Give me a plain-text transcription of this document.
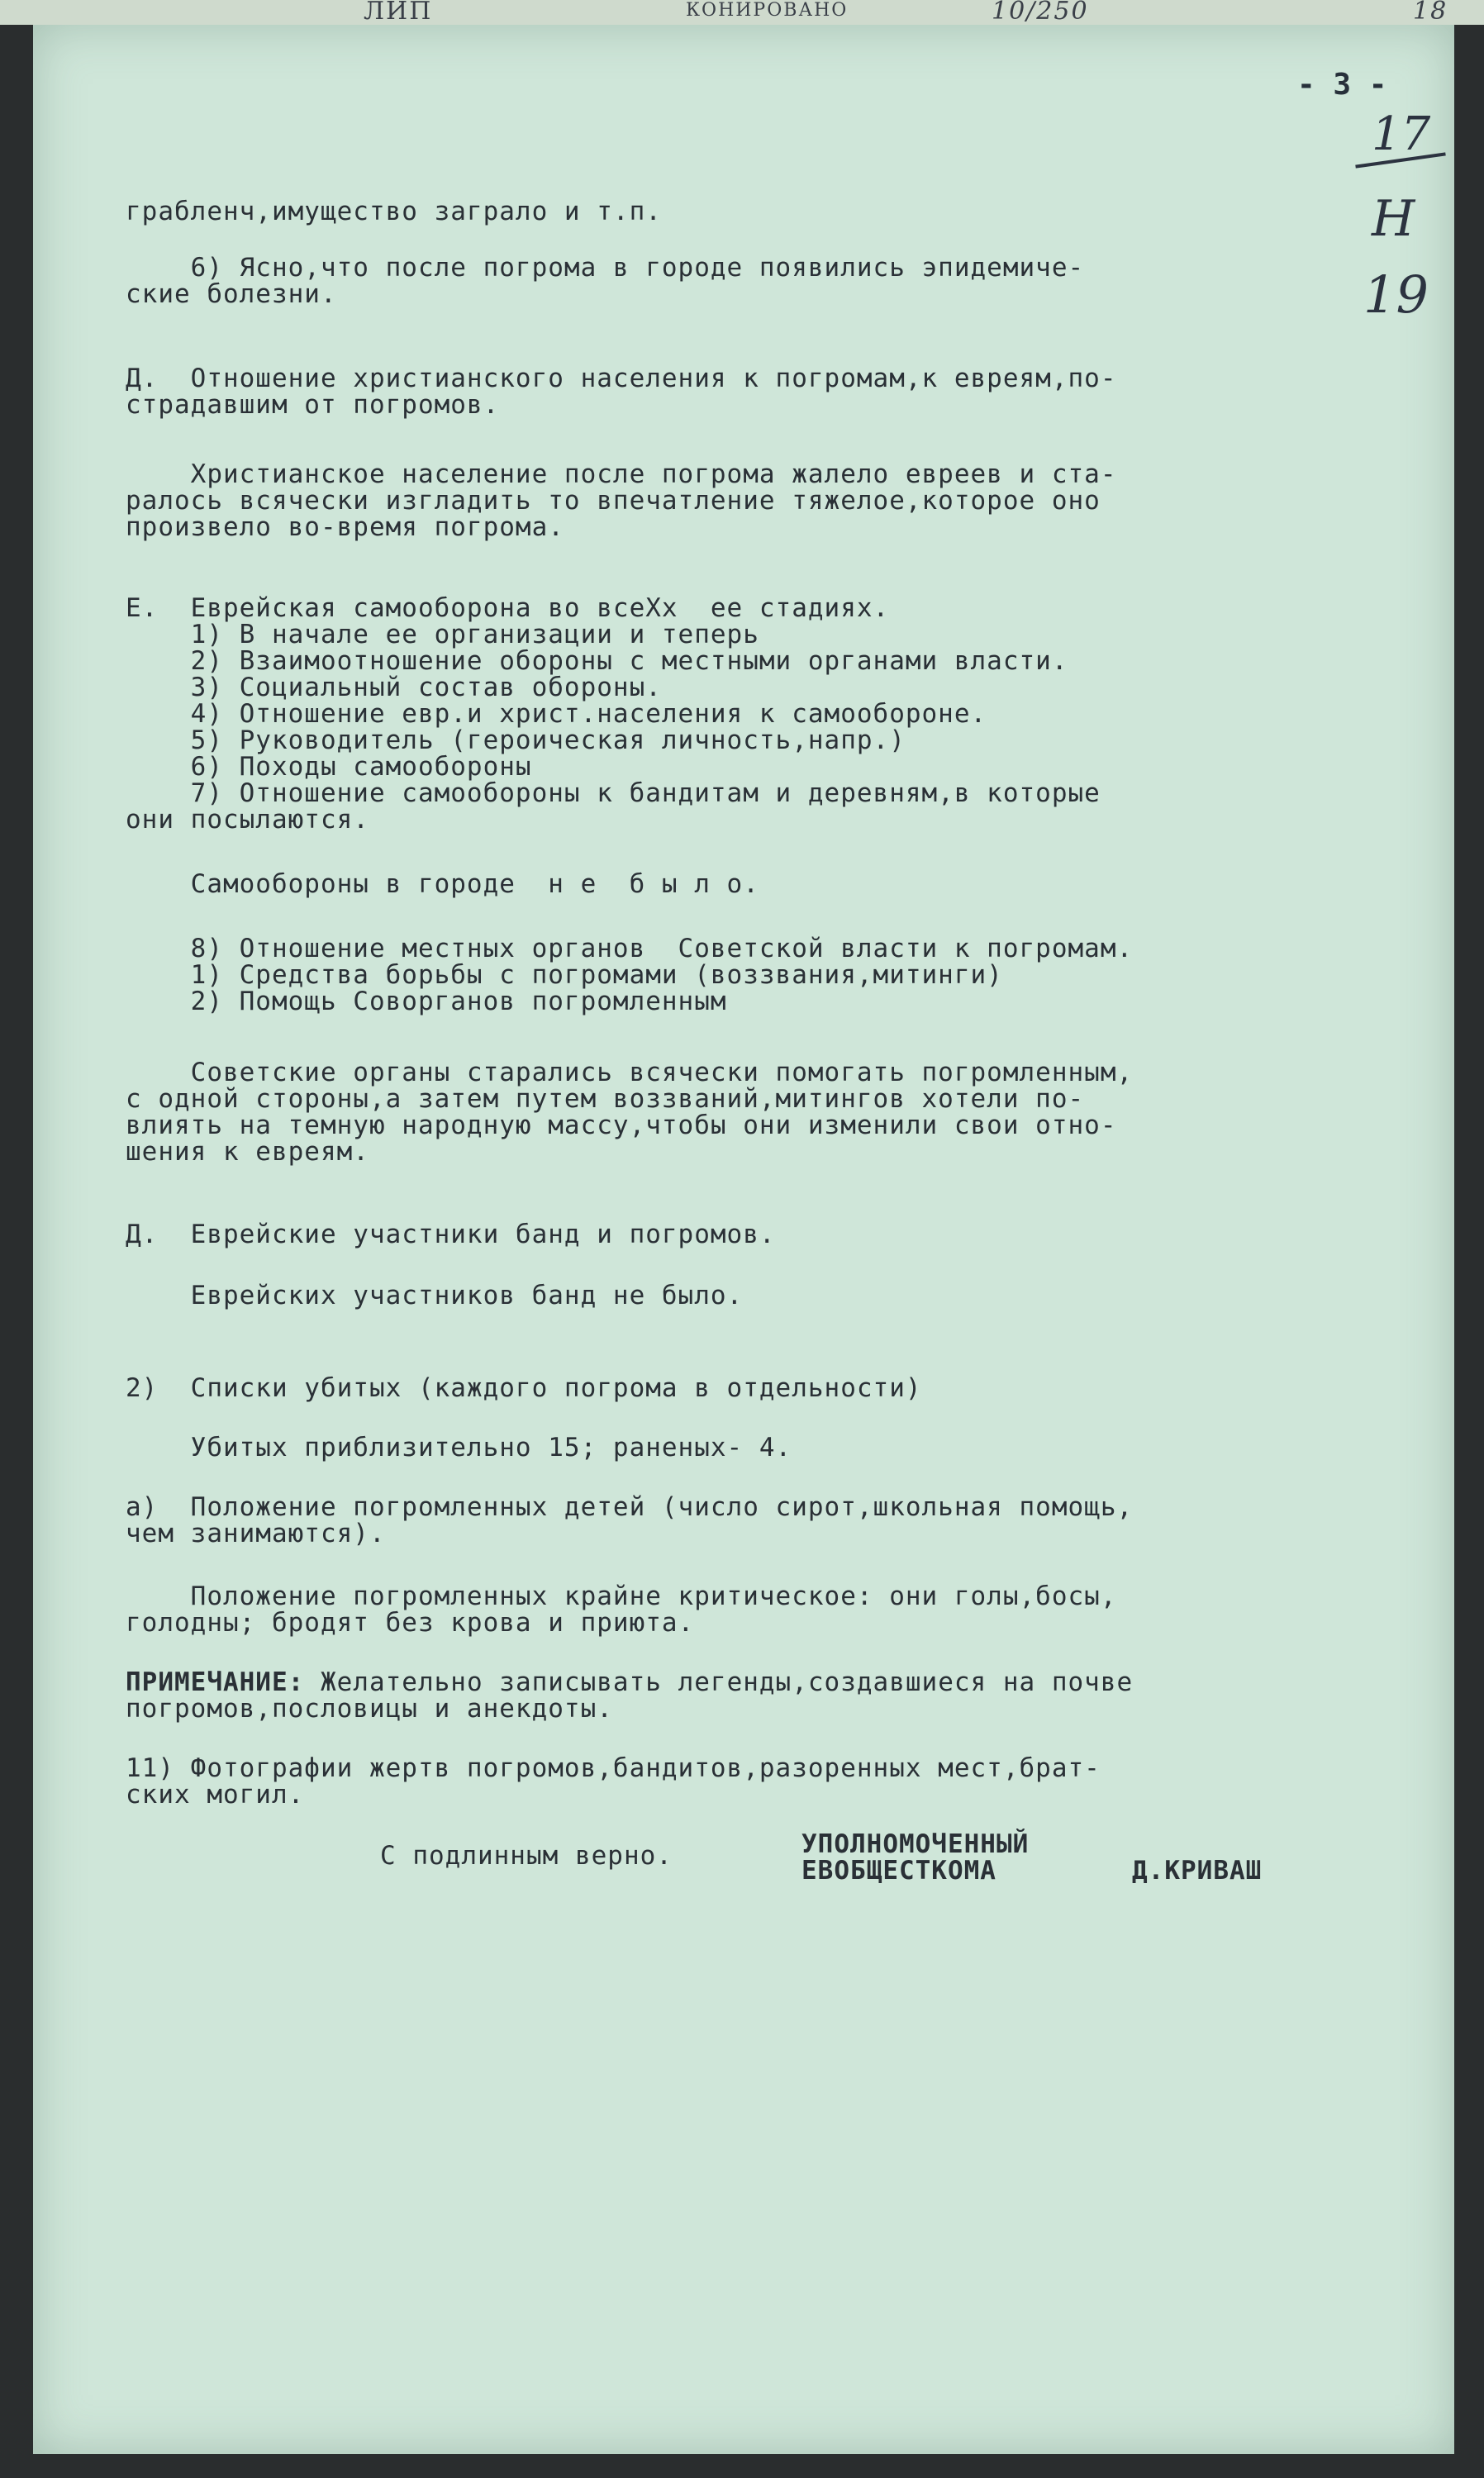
ЛИП	КОНИРОВАНО	10/250	18
- 3 -
17
Н
19
грабленч,имущество заграло и т.п.
6) Ясно,что после погрома в городе появились эпидемиче-
ские болезни.
Д.  Отношение христианского населения к погромам,к евреям,по-
страдавшим от погромов.
Христианское население после погрома жалело евреев и ста-
ралось всячески изгладить то впечатление тяжелое,которое оно
произвело во-время погрома.
Е.  Еврейская самооборона во всеХх  ее стадиях.
1) В начале ее организации и теперь
2) Взаимоотношение обороны с местными органами власти.
3) Социальный состав обороны.
4) Отношение евр.и христ.населения к самообороне.
5) Руководитель (героическая личность,напр.)
6) Походы самообороны
7) Отношение самообороны к бандитам и деревням,в которые
они посылаются.
Самообороны в городе  н е  б ы л о.
8) Отношение местных органов  Советской власти к погромам.
1) Средства борьбы с погромами (воззвания,митинги)
2) Помощь Соворганов погромленным
Советские органы старались всячески помогать погромленным,
с одной стороны,а затем путем воззваний,митингов хотели по-
влиять на темную народную массу,чтобы они изменили свои отно-
шения к евреям.
Д.  Еврейские участники банд и погромов.
Еврейских участников банд не было.
2)  Списки убитых (каждого погрома в отдельности)
Убитых приблизительно 15; раненых- 4.
а)  Положение погромленных детей (число сирот,школьная помощь,
чем занимаются).
Положение погромленных крайне критическое: они голы,босы,
голодны; бродят без крова и приюта.
ПРИМЕЧАНИЕ: Желательно записывать легенды,создавшиеся на почве
погромов,пословицы и анекдоты.
11) Фотографии жертв погромов,бандитов,разоренных мест,брат-
ских могил.
С подлинным верно.	УПОЛНОМОЧЕННЫЙ
ЕВОБЩЕСТКОМА	Д.КРИВАШ
